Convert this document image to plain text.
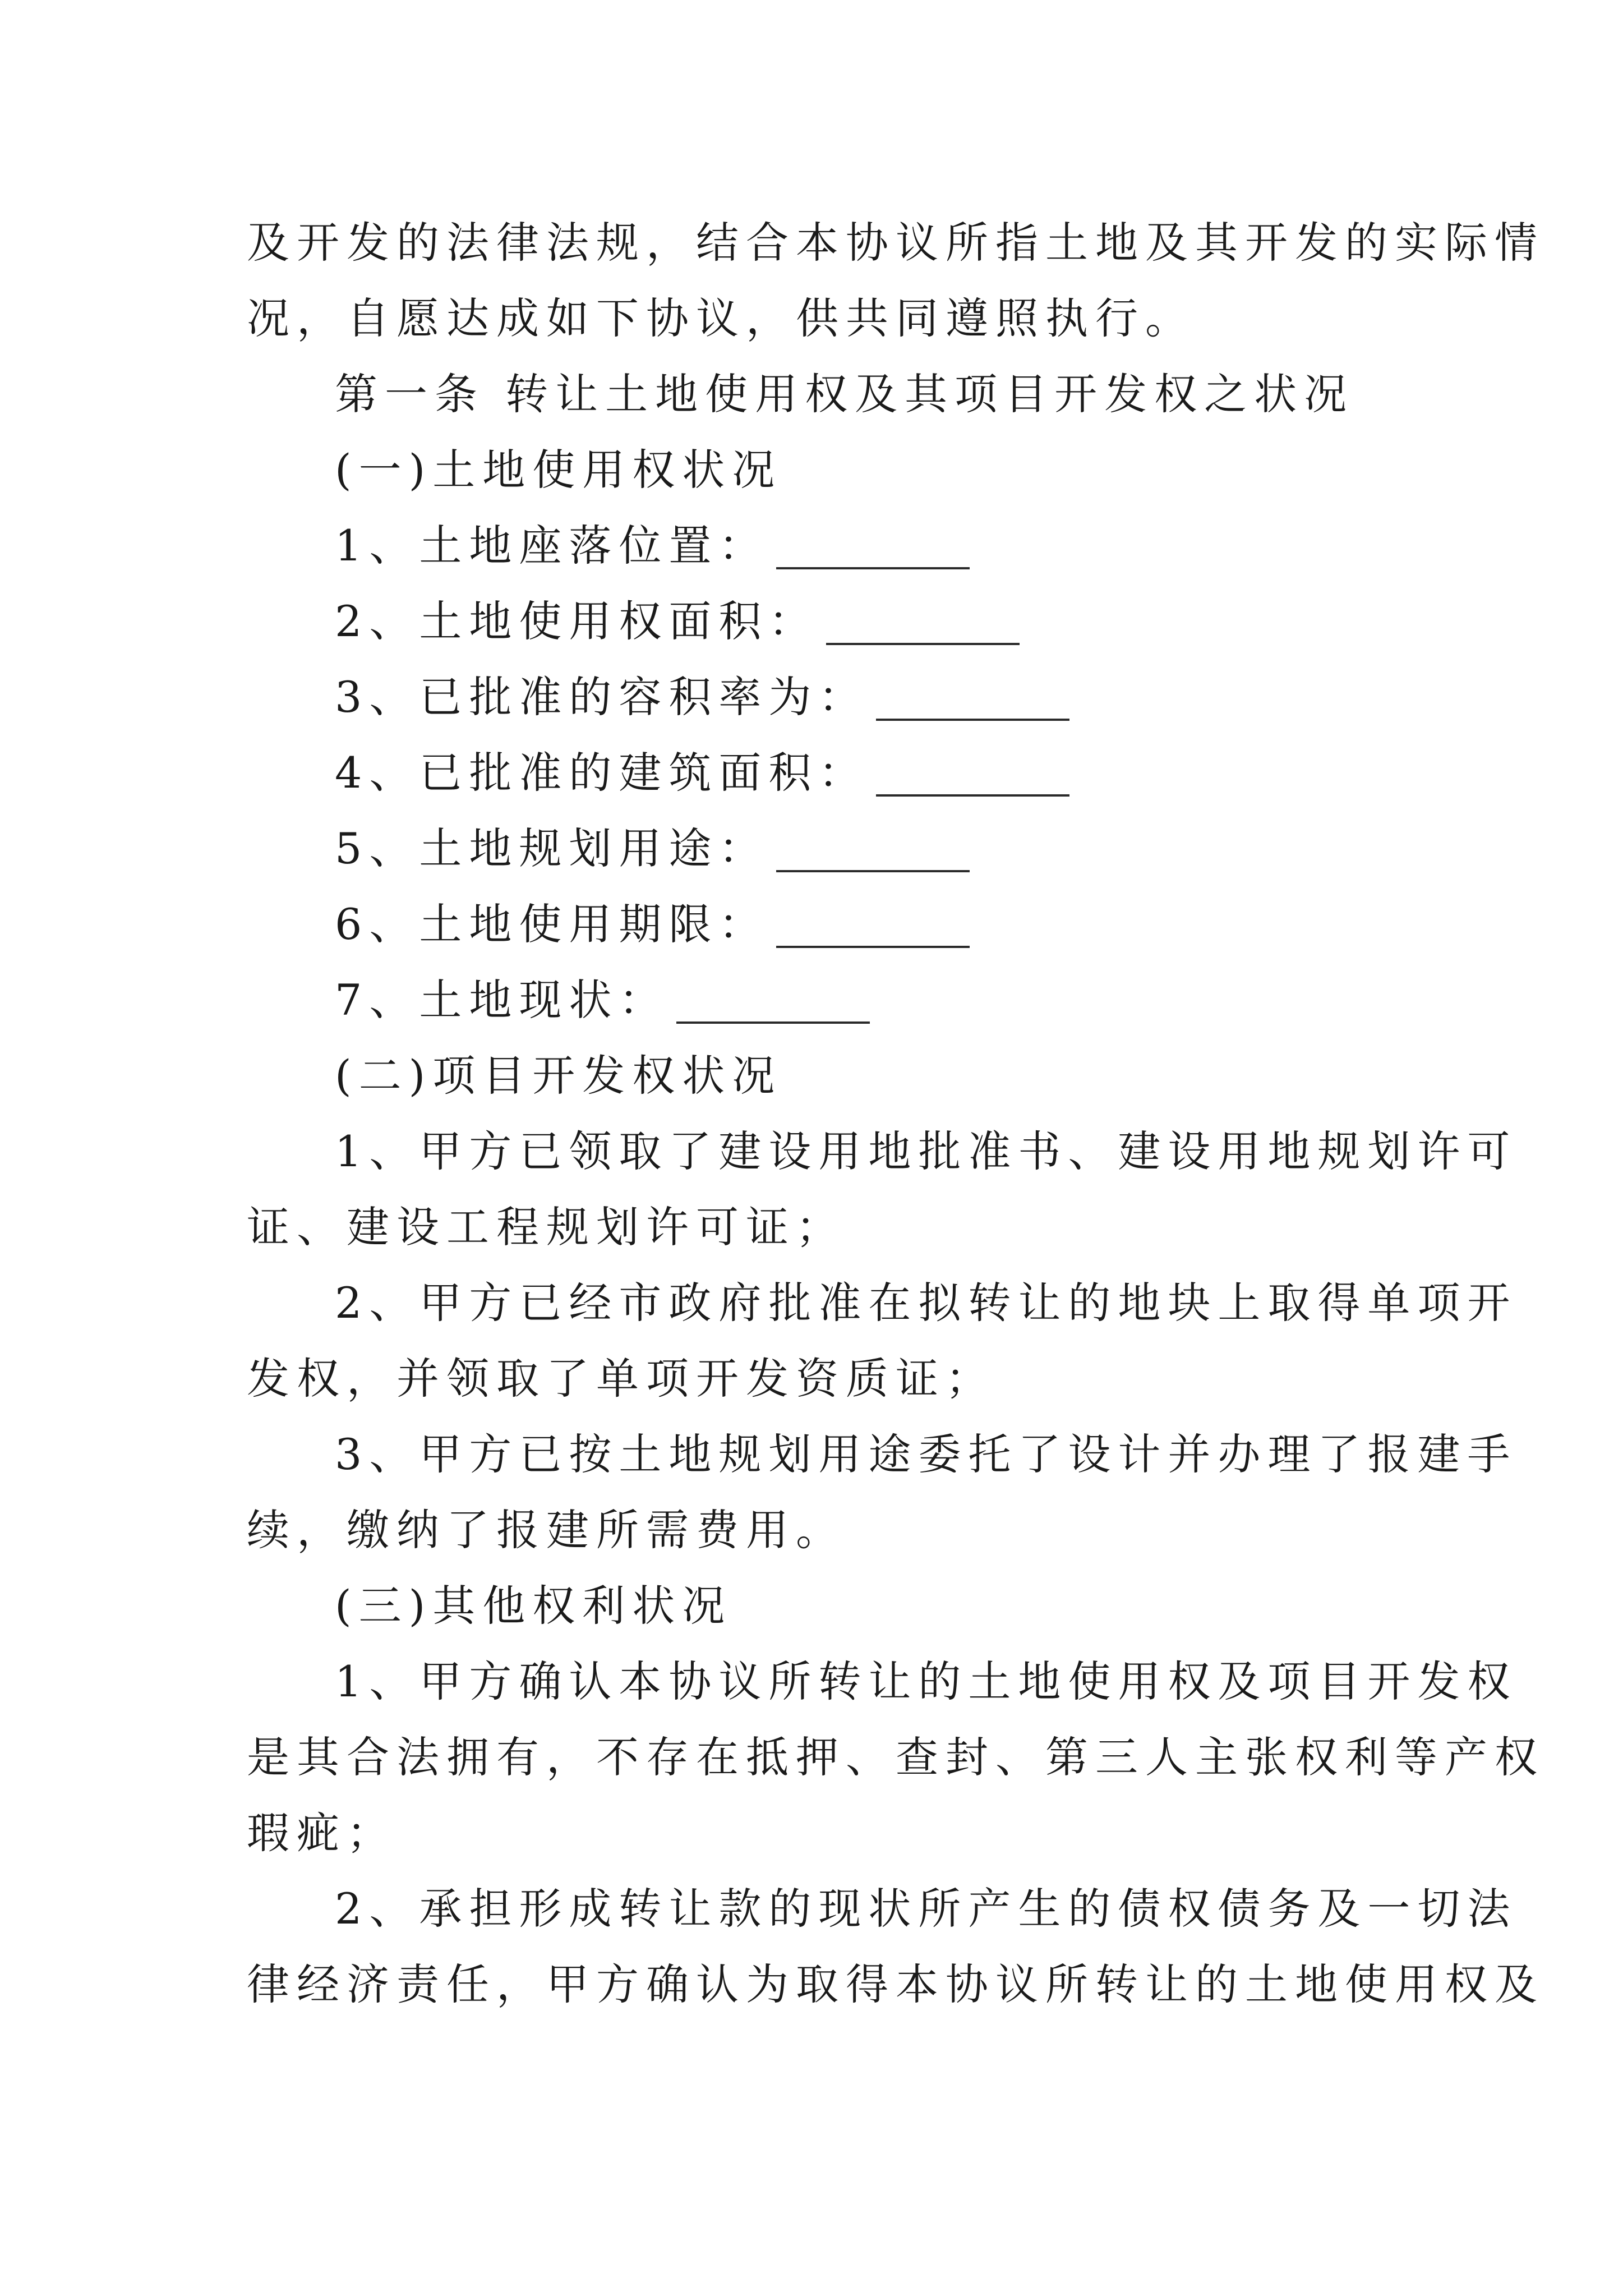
及开发的法律法规，结合本协议所指土地及其开发的实际情
况，自愿达成如下协议，供共同遵照执行。
第一条 转让土地使用权及其项目开发权之状况
(一)土地使用权状况
1、土地座落位置：
2、土地使用权面积：
3、已批准的容积率为：
4、已批准的建筑面积：
5、土地规划用途：
6、土地使用期限：
7、土地现状：
(二)项目开发权状况
1、甲方已领取了建设用地批准书、建设用地规划许可
证、建设工程规划许可证；
2、甲方已经市政府批准在拟转让的地块上取得单项开
发权，并领取了单项开发资质证；
3、甲方已按土地规划用途委托了设计并办理了报建手
续，缴纳了报建所需费用。
(三)其他权利状况
1、甲方确认本协议所转让的土地使用权及项目开发权
是其合法拥有，不存在抵押、查封、第三人主张权利等产权
瑕疵；
2、承担形成转让款的现状所产生的债权债务及一切法
律经济责任，甲方确认为取得本协议所转让的土地使用权及
